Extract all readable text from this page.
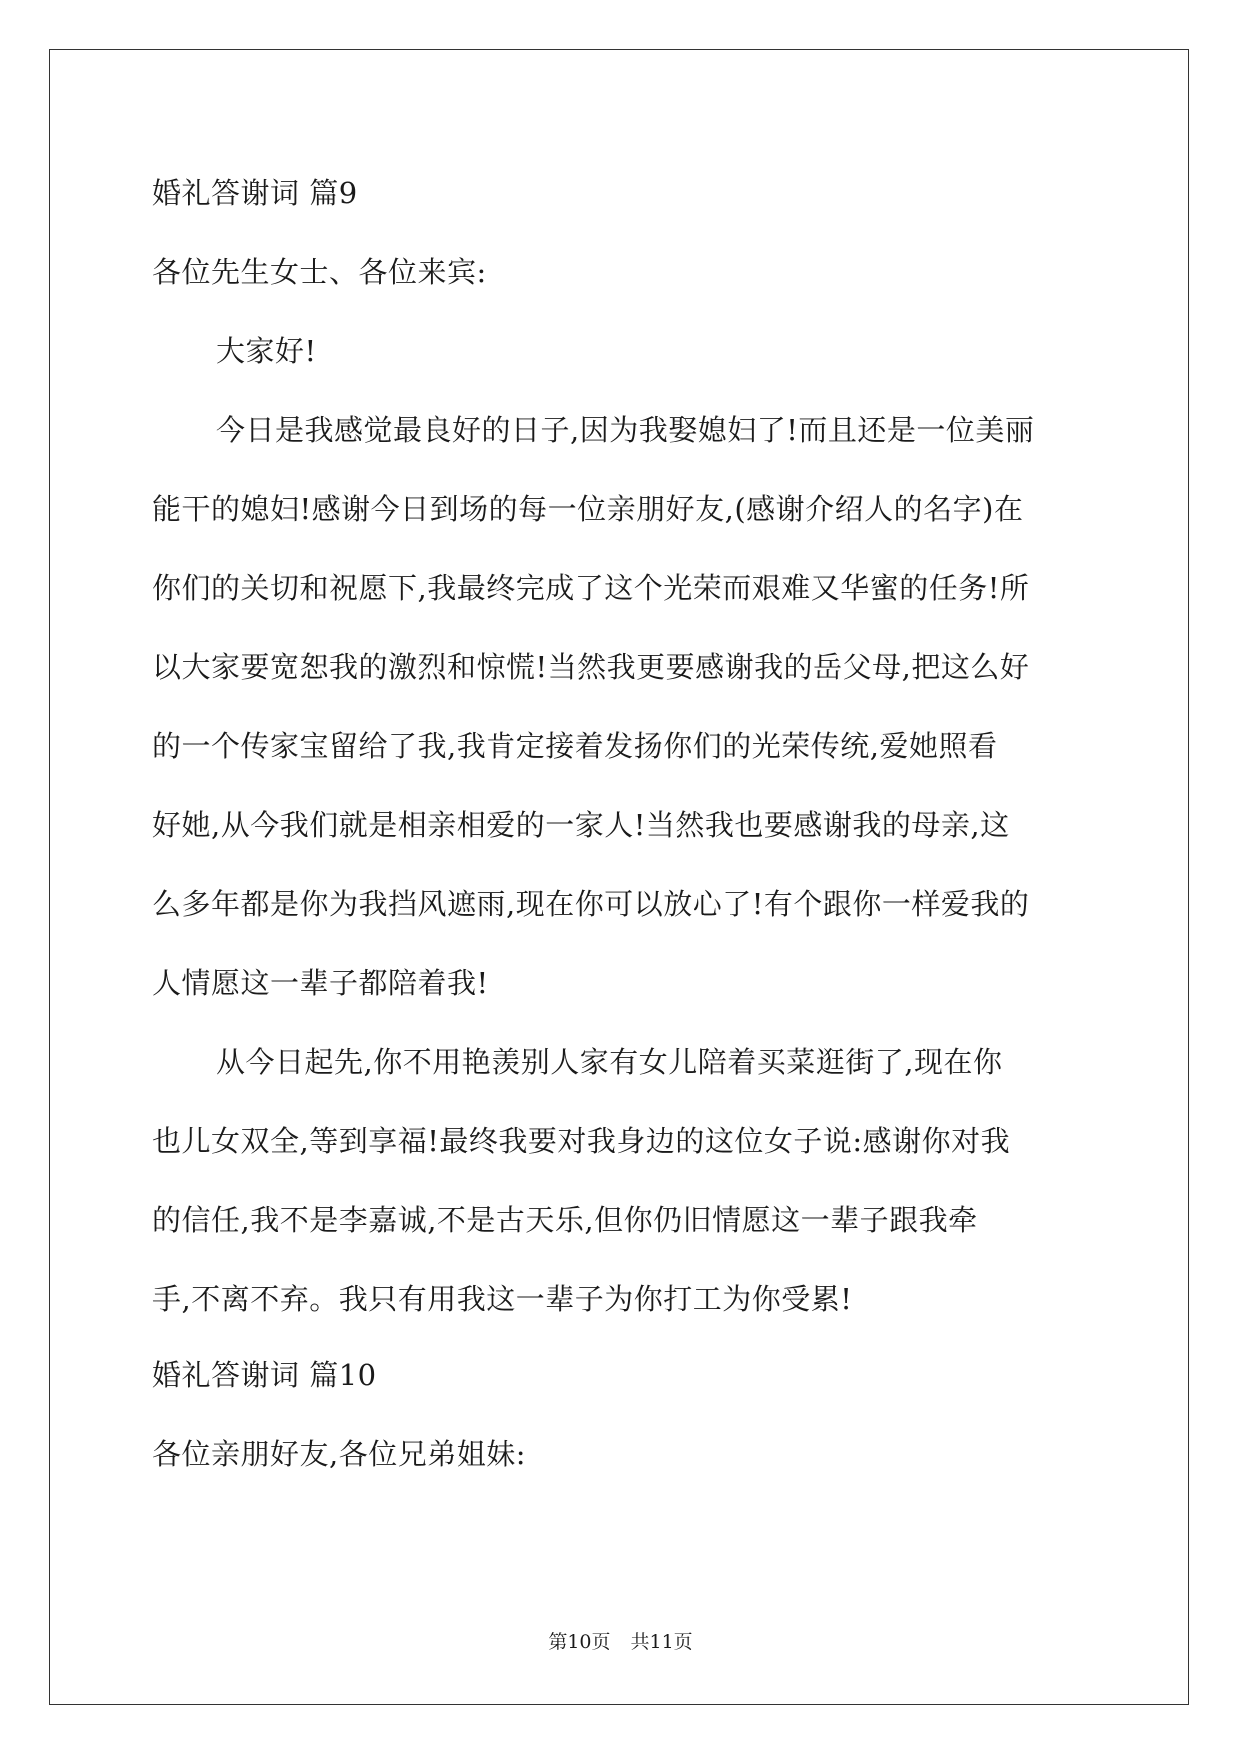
婚礼答谢词 篇9
各位先生女士、各位来宾:
大家好!
今日是我感觉最良好的日子,因为我娶媳妇了!而且还是一位美丽
能干的媳妇!感谢今日到场的每一位亲朋好友,(感谢介绍人的名字)在
你们的关切和祝愿下,我最终完成了这个光荣而艰难又华蜜的任务!所
以大家要宽恕我的激烈和惊慌!当然我更要感谢我的岳父母,把这么好
的一个传家宝留给了我,我肯定接着发扬你们的光荣传统,爱她照看
好她,从今我们就是相亲相爱的一家人!当然我也要感谢我的母亲,这
么多年都是你为我挡风遮雨,现在你可以放心了!有个跟你一样爱我的
人情愿这一辈子都陪着我!
从今日起先,你不用艳羡别人家有女儿陪着买菜逛街了,现在你
也儿女双全,等到享福!最终我要对我身边的这位女子说:感谢你对我
的信任,我不是李嘉诚,不是古天乐,但你仍旧情愿这一辈子跟我牵
手,不离不弃。我只有用我这一辈子为你打工为你受累!
婚礼答谢词 篇10
各位亲朋好友,各位兄弟姐妹:
第10页 共11页
